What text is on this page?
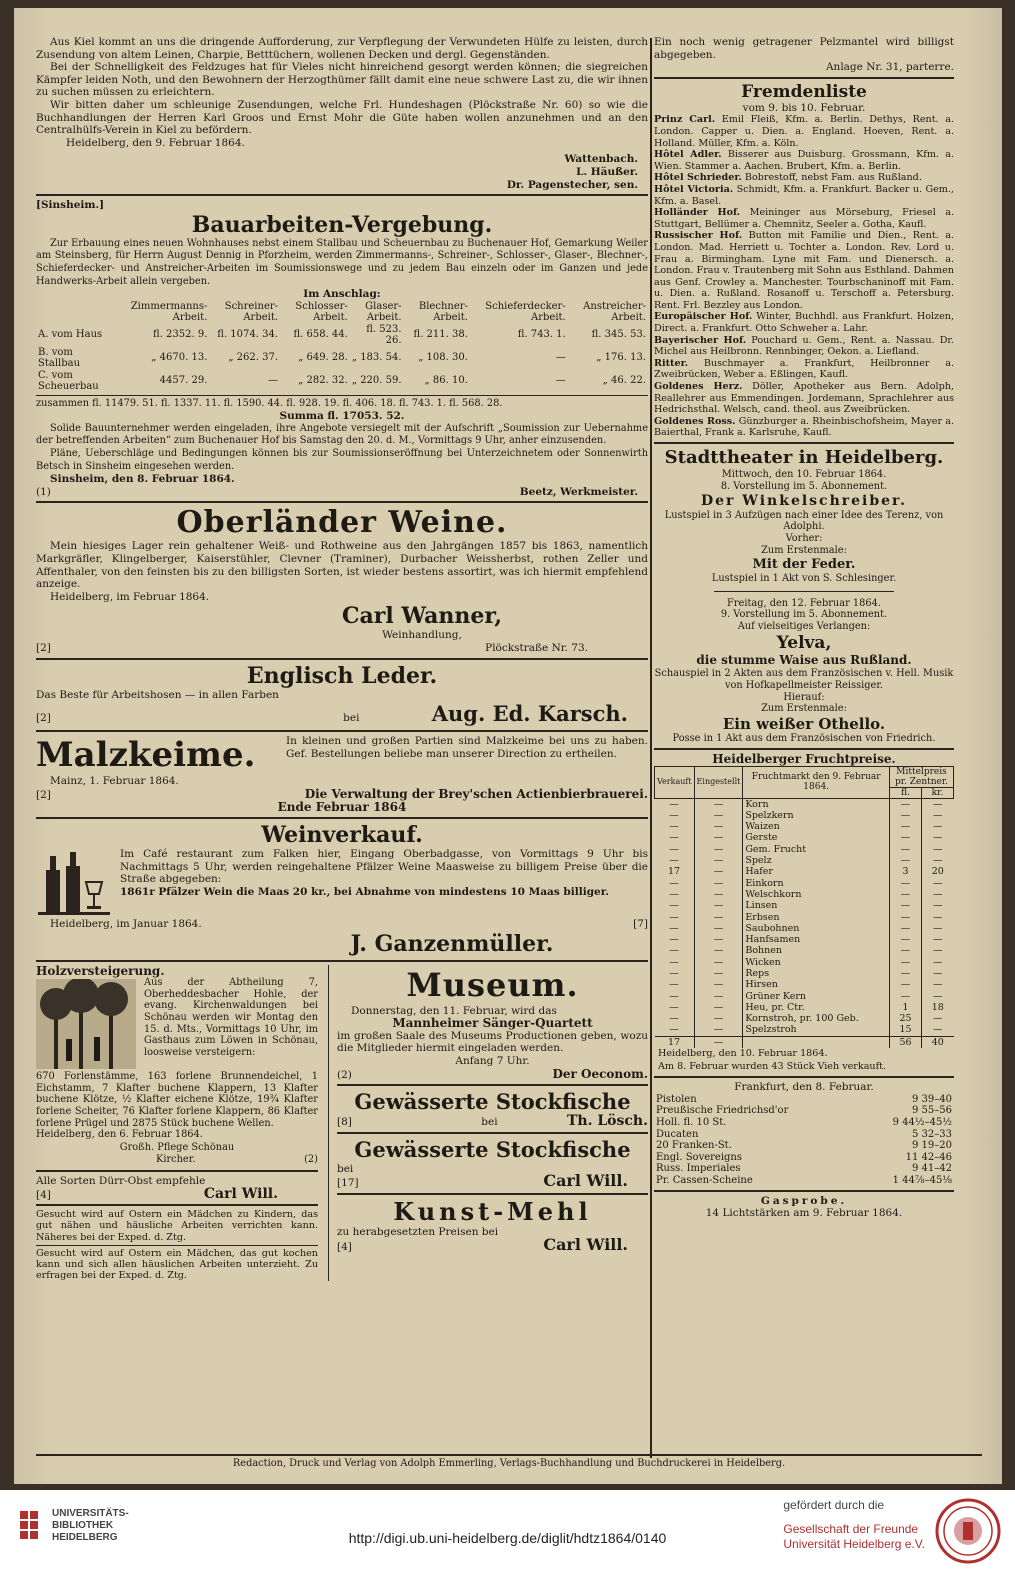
Aus Kiel kommt an uns die dringende Aufforderung, zur Verpflegung der Verwundeten Hülfe zu leisten, durch Zusendung von altem Leinen, Charpie, Betttüchern, wollenen Decken und dergl. Gegenständen.

Bei der Schnelligkeit des Feldzuges hat für Vieles nicht hinreichend gesorgt werden können; die siegreichen Kämpfer leiden Noth, und den Bewohnern der Herzogthümer fällt damit eine neue schwere Last zu, die wir ihnen zu suchen müssen zu erleichtern.

Wir bitten daher um schleunige Zusendungen, welche Frl. Hundeshagen (Plöckstraße Nr. 60) so wie die Buchhandlungen der Herren Karl Groos und Ernst Mohr die Güte haben wollen anzunehmen und an den Centralhülfs-Verein in Kiel zu befördern.

Heidelberg, den 9. Februar 1864.

Wattenbach.

L. Häußer.

Dr. Pagenstecher, sen.

[Sinsheim.]

Bauarbeiten-Vergebung.

Zur Erbauung eines neuen Wohnhauses nebst einem Stallbau und Scheuernbau zu Buchenauer Hof, Gemarkung Weiler am Steinsberg, für Herrn August Dennig in Pforzheim, werden Zimmermanns-, Schreiner-, Schlosser-, Glaser-, Blechner-, Schieferdecker- und Anstreicher-Arbeiten im Soumissionswege und zu jedem Bau einzeln oder im Ganzen und jede Handwerks-Arbeit allein vergeben.

Im Anschlag:

	Zimmermanns-Arbeit.	Schreiner-Arbeit.	Schlosser-Arbeit.	Glaser-Arbeit.	Blechner-Arbeit.	Schieferdecker-Arbeit.	Anstreicher-Arbeit.
A. vom Haus	fl. 2352. 9.	fl. 1074. 34.	fl. 658. 44.	fl. 523. 26.	fl. 211. 38.	fl. 743. 1.	fl. 345. 53.
B. vom Stallbau	„ 4670. 13.	„ 262. 37.	„ 649. 28.	„ 183. 54.	„ 108. 30.	—	„ 176. 13.
C. vom Scheuerbau	4457. 29.	—	„ 282. 32.	„ 220. 59.	„ 86. 10.	—	„ 46. 22.

zusammen fl. 11479. 51. fl. 1337. 11. fl. 1590. 44. fl. 928. 19. fl. 406. 18. fl. 743. 1. fl. 568. 28.

Summa fl. 17053. 52.

Solide Bauunternehmer werden eingeladen, ihre Angebote versiegelt mit der Aufschrift „Soumission zur Uebernahme der betreffenden Arbeiten“ zum Buchenauer Hof bis Samstag den 20. d. M., Vormittags 9 Uhr, anher einzusenden.

Pläne, Ueberschläge und Bedingungen können bis zur Soumissionseröffnung bei Unterzeichnetem oder Sonnenwirth Betsch in Sinsheim eingesehen werden.

Sinsheim, den 8. Februar 1864.

(1)	Beetz, Werkmeister.
Oberländer Weine.

Mein hiesiges Lager rein gehaltener Weiß- und Rothweine aus den Jahrgängen 1857 bis 1863, namentlich Markgräfler, Klingelberger, Kaiserstühler, Clevner (Traminer), Durbacher Weissherbst, rothen Zeller und Affenthaler, von den feinsten bis zu den billigsten Sorten, ist wieder bestens assortirt, was ich hiermit empfehlend anzeige.

Heidelberg, im Februar 1864.

Carl Wanner,

Weinhandlung,

[2]	Plöckstraße Nr. 73.
Englisch Leder.

Das Beste für Arbeitshosen — in allen Farben

[2]	bei	Aug. Ed. Karsch.
Malzkeime.	In kleinen und großen Partien sind Malzkeime bei uns zu haben. Gef. Bestellungen beliebe man unserer Direction zu ertheilen.

Mainz, 1. Februar 1864.

[2]	Die Verwaltung der Brey'schen Actienbierbrauerei.

Ende Februar 1864

Weinverkauf.

Im Café restaurant zum Falken hier, Eingang Oberbadgasse, von Vormittags 9 Uhr bis Nachmittags 5 Uhr, werden reingehaltene Pfälzer Weine Maasweise zu billigem Preise über die Straße abgegeben:

1861r Pfälzer Wein die Maas 20 kr., bei Abnahme von mindestens 10 Maas billiger.

Heidelberg, im Januar 1864.	[7]
J. Ganzenmüller.

Holzversteigerung.

Aus der Abtheilung 7, Oberheddesbacher Hohle, der evang. Kirchenwaldungen bei Schönau werden wir Montag den 15. d. Mts., Vormittags 10 Uhr, im Gasthaus zum Löwen in Schönau, loosweise versteigern:

670 Forlenstämme, 163 forlene Brunnendeichel, 1 Eichstamm, 7 Klafter buchene Klappern, 13 Klafter buchene Klötze, ½ Klafter eichene Klötze, 19¾ Klafter forlene Scheiter, 76 Klafter forlene Klappern, 86 Klafter forlene Prügel und 2875 Stück buchene Wellen.

Heidelberg, den 6. Februar 1864.

Großh. Pflege Schönau

Kircher.	(2)

Alle Sorten Dürr-Obst empfehle

[4]	Carl Will.

Gesucht wird auf Ostern ein Mädchen zu Kindern, das gut nähen und häusliche Arbeiten verrichten kann. Näheres bei der Exped. d. Ztg.

Gesucht wird auf Ostern ein Mädchen, das gut kochen kann und sich allen häuslichen Arbeiten unterzieht. Zu erfragen bei der Exped. d. Ztg.

Museum.

Donnerstag, den 11. Februar, wird das

Mannheimer Sänger-Quartett

im großen Saale des Museums Productionen geben, wozu die Mitglieder hiermit eingeladen werden.

Anfang 7 Uhr.

(2)	Der Oeconom.
Gewässerte Stockfische
[8]	bei	Th. Lösch.
Gewässerte Stockfische

bei

[17]	Carl Will.
Kunst-Mehl

zu herabgesetzten Preisen bei

[4]	Carl Will.

Ein noch wenig getragener Pelzmantel wird billigst abgegeben.

Anlage Nr. 31, parterre.

Fremdenliste

vom 9. bis 10. Februar.

Prinz Carl. Emil Fleiß, Kfm. a. Berlin. Dethys, Rent. a. London. Capper u. Dien. a. England. Hoeven, Rent. a. Holland. Müller, Kfm. a. Köln.

Hôtel Adler. Bisserer aus Duisburg. Grossmann, Kfm. a. Wien. Stammer a. Aachen. Brubert, Kfm. a. Berlin.

Hôtel Schrieder. Bobrestoff, nebst Fam. aus Rußland.

Hôtel Victoria. Schmidt, Kfm. a. Frankfurt. Backer u. Gem., Kfm. a. Basel.

Holländer Hof. Meininger aus Mörseburg, Friesel a. Stuttgart, Bellümer a. Chemnitz, Seeler a. Gotha, Kaufl.

Russischer Hof. Button mit Familie und Dien., Rent. a. London. Mad. Herriett u. Tochter a. London. Rev. Lord u. Frau a. Birmingham. Lyne mit Fam. und Dienersch. a. London. Frau v. Trautenberg mit Sohn aus Esthland. Dahmen aus Genf. Crowley a. Manchester. Tourbschaninoff mit Fam. u. Dien. a. Rußland. Rosanoff u. Terschoff a. Petersburg. Rent. Frl. Bezzley aus London.

Europäischer Hof. Winter, Buchhdl. aus Frankfurt. Holzen, Direct. a. Frankfurt. Otto Schweher a. Lahr.

Bayerischer Hof. Pouchard u. Gem., Rent. a. Nassau. Dr. Michel aus Heilbronn. Rennbinger, Oekon. a. Liefland.

Ritter. Buschmayer a. Frankfurt, Heilbronner a. Zweibrücken, Weber a. Eßlingen, Kaufl.

Goldenes Herz. Döller, Apotheker aus Bern. Adolph, Reallehrer aus Emmendingen. Jordemann, Sprachlehrer aus Hedrichsthal. Welsch, cand. theol. aus Zweibrücken.

Goldenes Ross. Günzburger a. Rheinbischofsheim, Mayer a. Baierthal, Frank a. Karlsruhe, Kaufl.

Stadttheater in Heidelberg.

Mittwoch, den 10. Februar 1864.

8. Vorstellung im 5. Abonnement.

Der Winkelschreiber.

Lustspiel in 3 Aufzügen nach einer Idee des Terenz, von Adolphi.

Vorher:

Zum Erstenmale:

Mit der Feder.

Lustspiel in 1 Akt von S. Schlesinger.

Freitag, den 12. Februar 1864.

9. Vorstellung im 5. Abonnement.

Auf vielseitiges Verlangen:

Yelva,

die stumme Waise aus Rußland.

Schauspiel in 2 Akten aus dem Französischen v. Hell. Musik von Hofkapellmeister Reissiger.

Hierauf:

Zum Erstenmale:

Ein weißer Othello.

Posse in 1 Akt aus dem Französischen von Friedrich.

Heidelberger Fruchtpreise.

Verkauft	Eingestellt	Fruchtmarkt den 9. Februar 1864.	Mittelpreis pr. Zentner.	
			fl.	kr.
—	—	Korn	—	—
—	—	Spelzkern	—	—
—	—	Waizen	—	—
—	—	Gerste	—	—
—	—	Gem. Frucht	—	—
—	—	Spelz	—	—
17	—	Hafer	3	20
—	—	Einkorn	—	—
—	—	Welschkorn	—	—
—	—	Linsen	—	—
—	—	Erbsen	—	—
—	—	Saubohnen	—	—
—	—	Hanfsamen	—	—
—	—	Bohnen	—	—
—	—	Wicken	—	—
—	—	Reps	—	—
—	—	Hirsen	—	—
—	—	Grüner Kern	—	—
—	—	Heu, pr. Ctr.	1	18
—	—	Kornstroh, pr. 100 Geb.	25	—
—	—	Spelzstroh	15	—
17	—		56	40

Heidelberg, den 10. Februar 1864.

Am 8. Februar wurden 43 Stück Vieh verkauft.

Frankfurt, den 8. Februar.

Pistolen	9 39–40
Preußische Friedrichsd'or	9 55–56
Holl. fl. 10 St.	9 44½–45½
Ducaten	5 32–33
20 Franken-St.	9 19–20
Engl. Sovereigns	11 42–46
Russ. Imperiales	9 41–42
Pr. Cassen-Scheine	1 44⅞–45⅛

Gasprobe.

14 Lichtstärken am 9. Februar 1864.

Redaction, Druck und Verlag von Adolph Emmerling, Verlags-Buchhandlung und Buchdruckerei in Heidelberg.
UNIVERSITÄTS-
BIBLIOTHEK
HEIDELBERG	http://digi.ub.uni-heidelberg.de/diglit/hdtz1864/0140
gefördert durch die
Gesellschaft der Freunde
Universität Heidelberg e.V.
